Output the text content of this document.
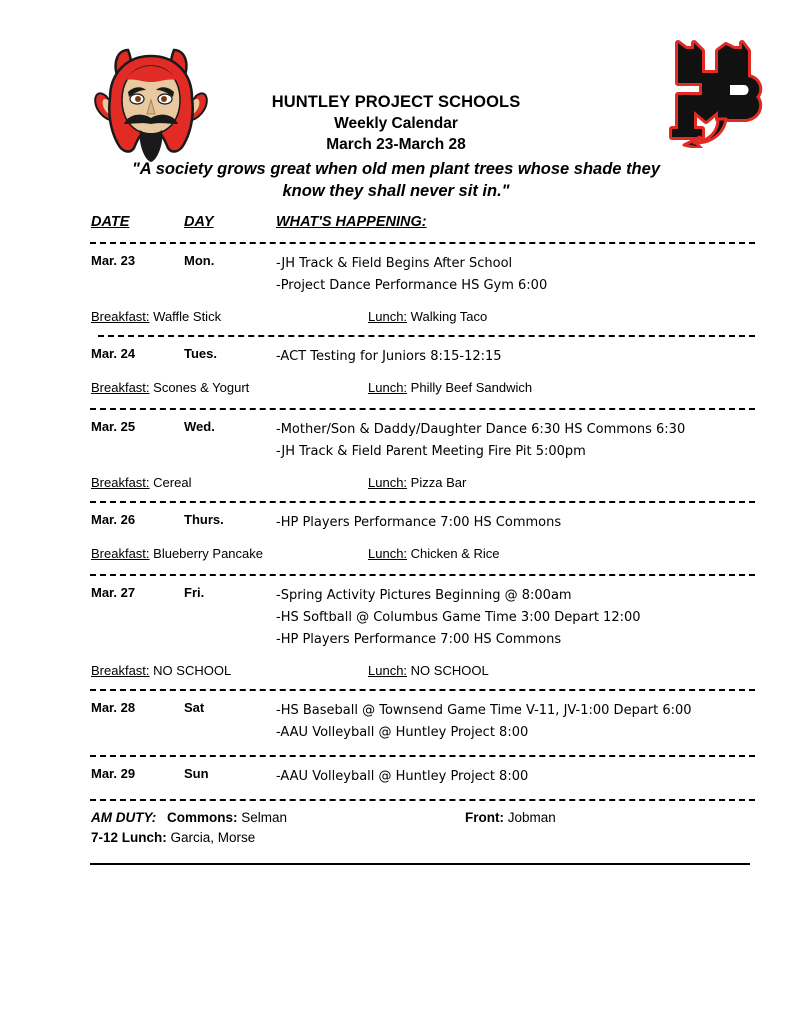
HUNTLEY PROJECT SCHOOLS
Weekly Calendar
March 23-March 28
"A society grows great when old men plant trees whose shade they
know they shall never sit in."
DATE	DAY	WHAT'S HAPPENING:
Mar. 23	Mon.	-JH Track & Field Begins After School
-Project Dance Performance HS Gym 6:00
Breakfast: Waffle Stick	Lunch: Walking Taco
Mar. 24	Tues.	-ACT Testing for Juniors 8:15-12:15
Breakfast: Scones & Yogurt	Lunch: Philly Beef Sandwich
Mar. 25	Wed.	-Mother/Son & Daddy/Daughter Dance 6:30 HS Commons 6:30
-JH Track & Field Parent Meeting Fire Pit 5:00pm
Breakfast: Cereal	Lunch: Pizza Bar
Mar. 26	Thurs.	-HP Players Performance 7:00 HS Commons
Breakfast: Blueberry Pancake	Lunch: Chicken & Rice
Mar. 27	Fri.	-Spring Activity Pictures Beginning @ 8:00am
-HS Softball @ Columbus Game Time 3:00 Depart 12:00
-HP Players Performance 7:00 HS Commons
Breakfast: NO SCHOOL	Lunch: NO SCHOOL
Mar. 28	Sat	-HS Baseball @ Townsend Game Time V-11, JV-1:00 Depart 6:00
-AAU Volleyball @ Huntley Project 8:00
Mar. 29	Sun	-AAU Volleyball @ Huntley Project 8:00
AM DUTY: Commons: Selman	Front: Jobman
7-12 Lunch: Garcia, Morse
